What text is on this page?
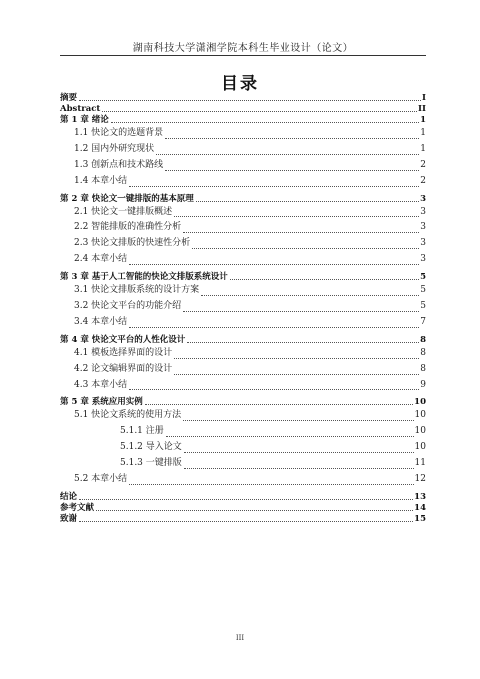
湖南科技大学潇湘学院本科生毕业设计（论文）
目录
摘要	I
Abstract	II
第 1 章 绪论	1
1.1 快论文的选题背景	1
1.2 国内外研究现状	1
1.3 创新点和技术路线	2
1.4 本章小结	2
第 2 章 快论文一键排版的基本原理	3
2.1 快论文一键排版概述	3
2.2 智能排版的准确性分析	3
2.3 快论文排版的快速性分析	3
2.4 本章小结	3
第 3 章 基于人工智能的快论文排版系统设计	5
3.1 快论文排版系统的设计方案	5
3.2 快论文平台的功能介绍	5
3.4 本章小结	7
第 4 章 快论文平台的人性化设计	8
4.1 模板选择界面的设计	8
4.2 论文编辑界面的设计	8
4.3 本章小结	9
第 5 章 系统应用实例	10
5.1 快论文系统的使用方法	10
5.1.1 注册	10
5.1.2 导入论文	10
5.1.3 一键排版	11
5.2 本章小结	12
结论	13
参考文献	14
致谢	15
III
